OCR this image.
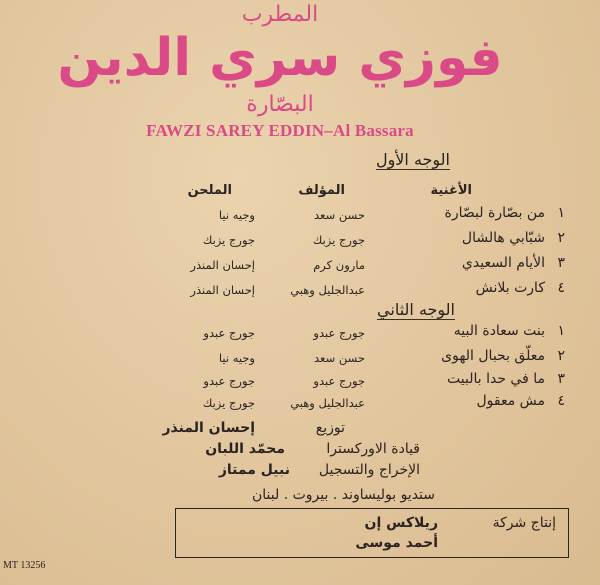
المطرب
فوزي سري الدين
البصّارة
FAWZI SAREY EDDIN–Al Bassara
الوجه الأول
الأغنية
المؤلف
الملحن
١
من بصّارة لبصّارة
حسن سعد
وجيه نيا
٢
شبّابي هالشال
جورج يزبك
جورج يزبك
٣
الأيام السعيدي
مارون كرم
إحسان المنذر
٤
كارت بلانش
عبدالجليل وهبي
إحسان المنذر
الوجه الثاني
١
بنت سعادة البيه
جورج عبدو
جورج عبدو
٢
معلّق بحبال الهوى
حسن سعد
وجيه نيا
٣
ما في حدا بالبيت
جورج عبدو
جورج عبدو
٤
مش معقول
عبدالجليل وهبي
جورج يزبك
توزيع
إحسان المنذر
قيادة الاوركسترا
محمّد اللبان
الإخراج والتسجيل
نبيل ممتاز
ستديو بوليساوند . بيروت . لبنان
إنتاج شركة
ريلاكس إن
أحمد موسى
MT 13256
